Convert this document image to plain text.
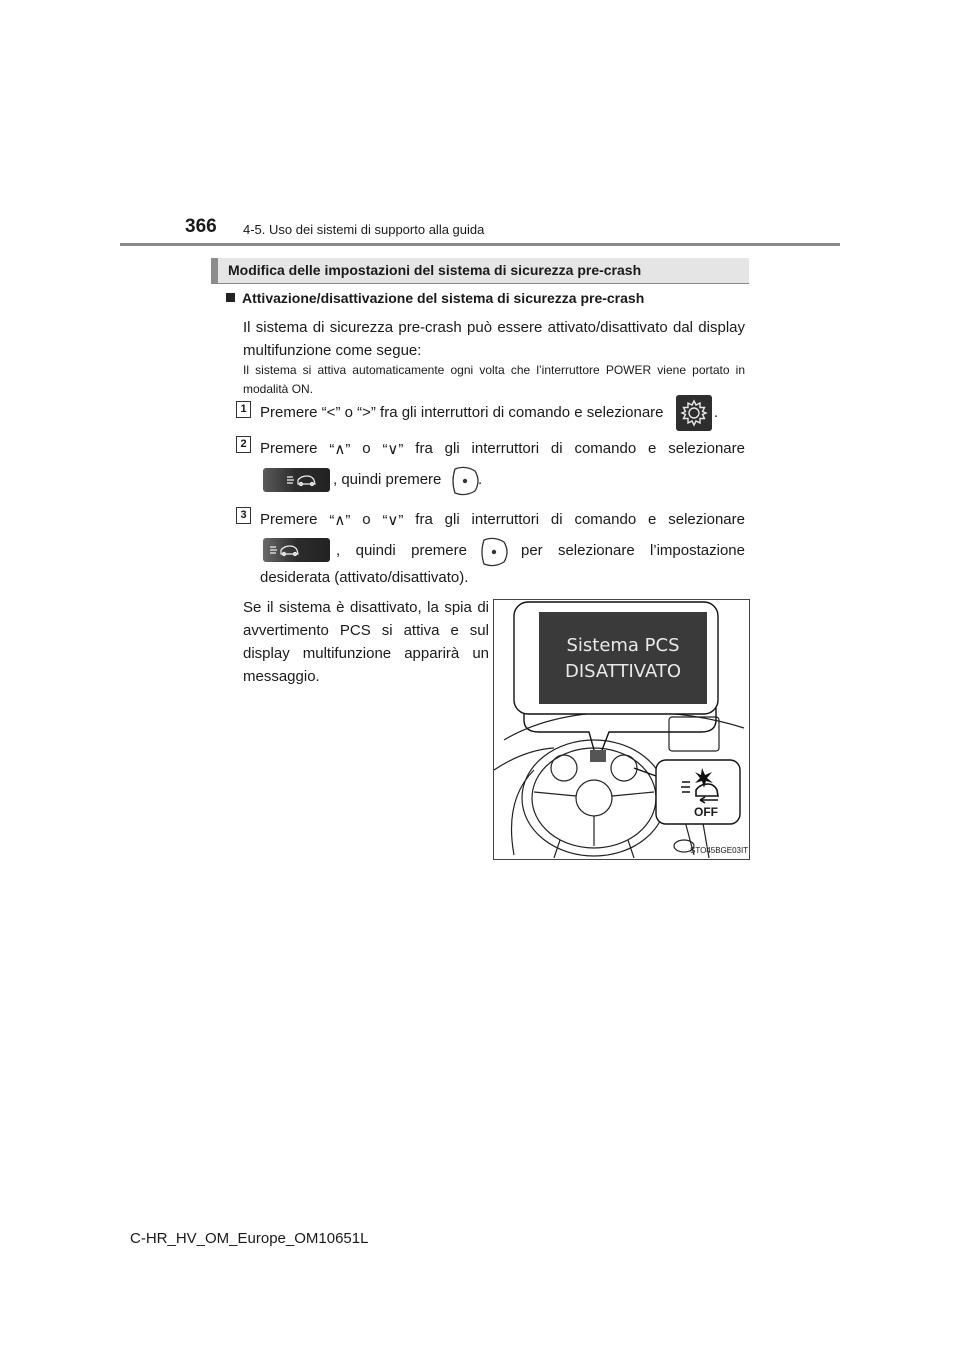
366 4-5. Uso dei sistemi di supporto alla guida
Modifica delle impostazioni del sistema di sicurezza pre-crash
Attivazione/disattivazione del sistema di sicurezza pre-crash
Il sistema di sicurezza pre-crash può essere attivato/disattivato dal display multifunzione come segue:
Il sistema si attiva automaticamente ogni volta che l’interruttore POWER viene portato in modalità ON.
1 Premere “<” o “>” fra gli interruttori di comando e selezionare	.
2 Premere “∧” o “∨” fra gli interruttori di comando e selezionare
, quindi premere .
3 Premere “∧” o “∨” fra gli interruttori di comando e selezionare
, quindi premere	per selezionare l’impostazione
desiderata (attivato/disattivato).
Se il sistema è disattivato, la spia di avvertimento PCS si attiva e sul display multifunzione apparirà un messaggio.
Sistema PCS
DISATTIVATO
OFF
STO45BGE03IT
C-HR_HV_OM_Europe_OM10651L
